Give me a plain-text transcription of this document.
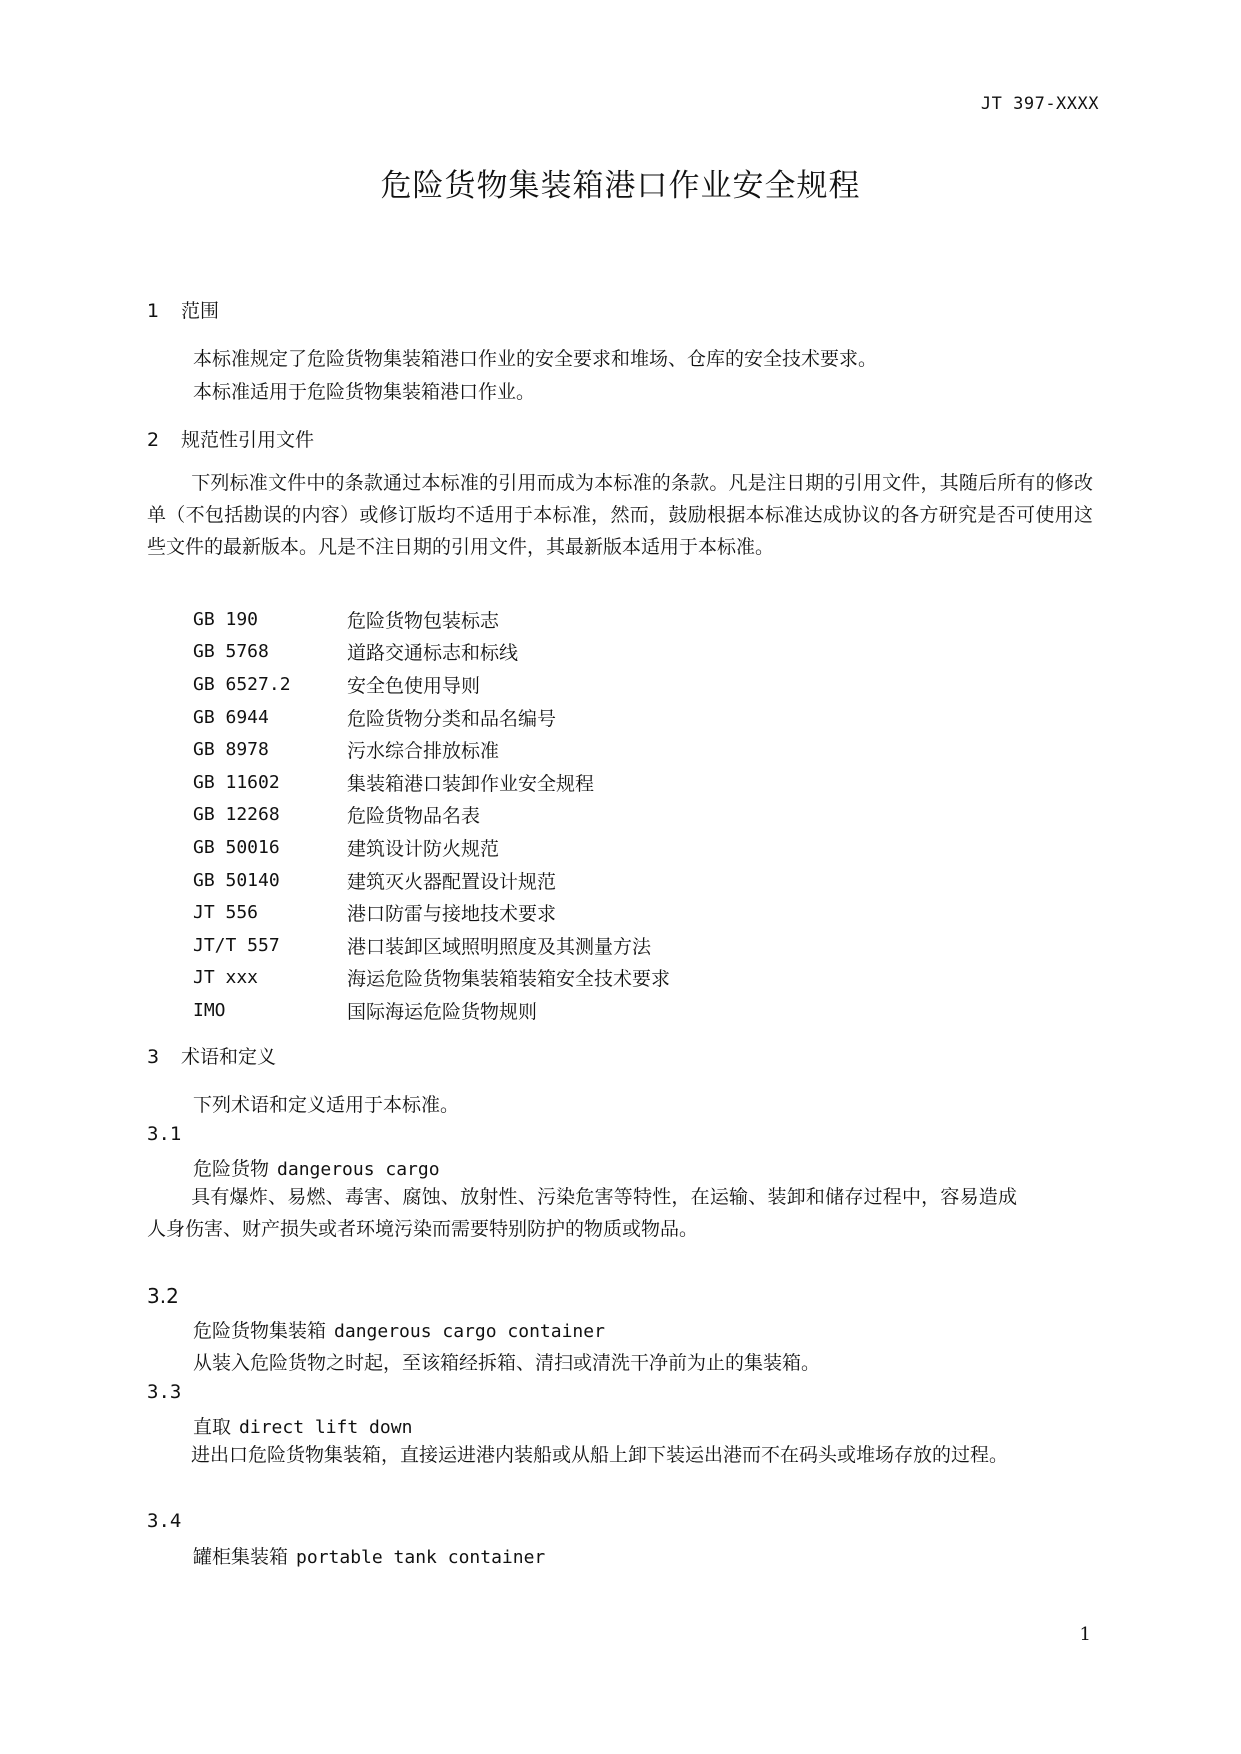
JT 397-XXXX
危险货物集装箱港口作业安全规程
1 范围
本标准规定了危险货物集装箱港口作业的安全要求和堆场、仓库的安全技术要求。
本标准适用于危险货物集装箱港口作业。
2 规范性引用文件
下列标准文件中的条款通过本标准的引用而成为本标准的条款。凡是注日期的引用文件，其随后所有的修改单（不包括勘误的内容）或修订版均不适用于本标准，然而，鼓励根据本标准达成协议的各方研究是否可使用这些文件的最新版本。凡是不注日期的引用文件，其最新版本适用于本标准。
GB 190	危险货物包装标志
GB 5768	道路交通标志和标线
GB 6527.2	安全色使用导则
GB 6944	危险货物分类和品名编号
GB 8978	污水综合排放标准
GB 11602	集装箱港口装卸作业安全规程
GB 12268	危险货物品名表
GB 50016	建筑设计防火规范
GB 50140	建筑灭火器配置设计规范
JT 556	港口防雷与接地技术要求
JT/T 557	港口装卸区域照明照度及其测量方法
JT xxx	海运危险货物集装箱装箱安全技术要求
IMO	国际海运危险货物规则
3 术语和定义
下列术语和定义适用于本标准。
3.1
危险货物 dangerous cargo
具有爆炸、易燃、毒害、腐蚀、放射性、污染危害等特性，在运输、装卸和储存过程中，容易造成人身伤害、财产损失或者环境污染而需要特别防护的物质或物品。
3.2
危险货物集装箱 dangerous cargo container
从装入危险货物之时起，至该箱经拆箱、清扫或清洗干净前为止的集装箱。
3.3
直取 direct lift down
进出口危险货物集装箱，直接运进港内装船或从船上卸下装运出港而不在码头或堆场存放的过程。
3.4
罐柜集装箱 portable tank container
1
